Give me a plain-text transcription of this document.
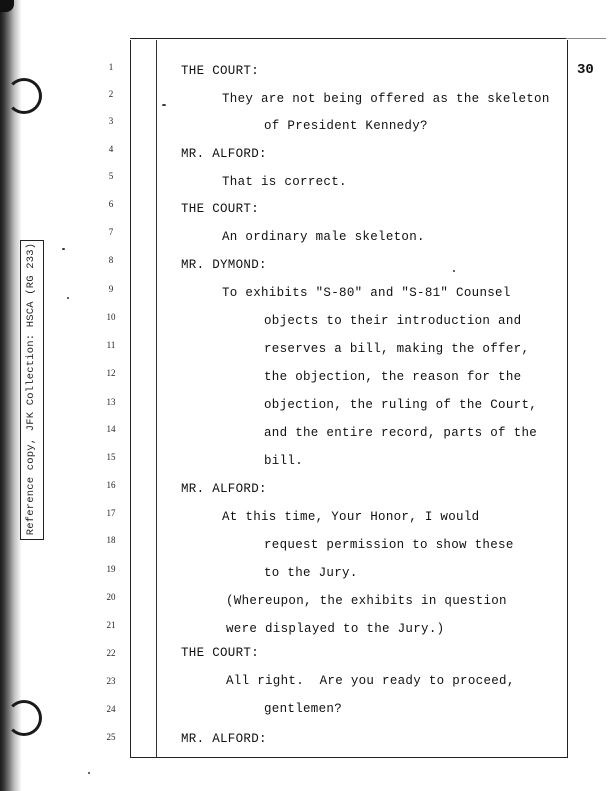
Reference copy, JFK Collection: HSCA (RG 233)
30
1
2
3
4
5
6
7
8
9
10
11
12
13
14
15
16
17
18
19
20
21
22
23
24
25
THE COURT:
They are not being offered as the skeleton
of President Kennedy?
MR. ALFORD:
That is correct.
THE COURT:
An ordinary male skeleton.
MR. DYMOND:
To exhibits "S-80" and "S-81" Counsel
objects to their introduction and
reserves a bill, making the offer,
the objection, the reason for the
objection, the ruling of the Court,
and the entire record, parts of the
bill.
MR. ALFORD:
At this time, Your Honor, I would
request permission to show these
to the Jury.
(Whereupon, the exhibits in question
were displayed to the Jury.)
THE COURT:
All right.  Are you ready to proceed,
gentlemen?
MR. ALFORD:
